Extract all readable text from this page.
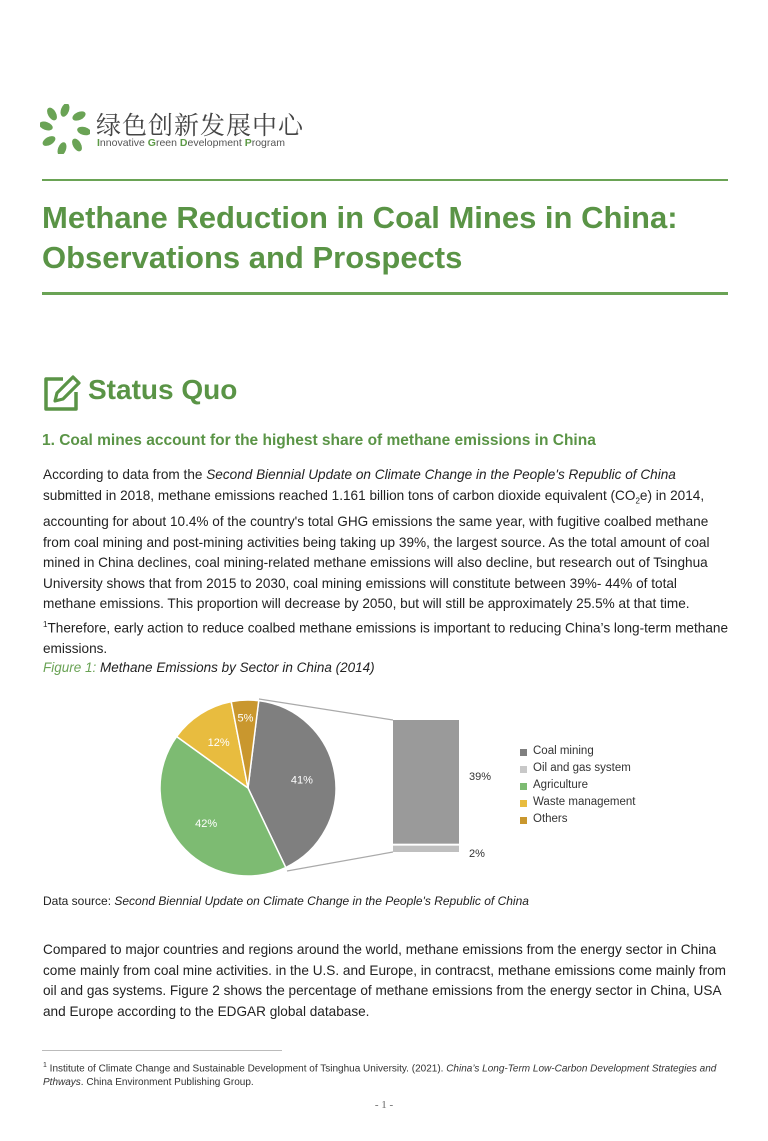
绿色创新发展中心
Innovative Green Development Program
Methane Reduction in Coal Mines in China: Observations and Prospects
Status Quo
1. Coal mines account for the highest share of methane emissions in China

According to data from the Second Biennial Update on Climate Change in the People's Republic of China submitted in 2018, methane emissions reached 1.161 billion tons of carbon dioxide equivalent $(CO_2e)$ in 2014, accounting for about 10.4% of the country's total GHG emissions the same year, with fugitive coalbed methane from coal mining and post-mining activities being taking up 39%, the largest source. As the total amount of coal mined in China declines, coal mining-related methane emissions will also decline, but research out of Tsinghua University shows that from 2015 to 2030, coal mining emissions will constitute between 39%- 44% of total methane emissions. This proportion will decrease by 2050, but will still be approximately 25.5% at that time. $^1$Therefore, early action to reduce coalbed methane emissions is important to reducing China’s long-term methane emissions.

Figure 1: Methane Emissions by Sector in China (2014)

41%
42%
12%
5%
39%
2%
Coal mining
Oil and gas system
Agriculture
Waste management
Others

Data source: Second Biennial Update on Climate Change in the People's Republic of China

Compared to major countries and regions around the world, methane emissions from the energy sector in China come mainly from coal mine activities. in the U.S. and Europe, in contracst, methane emissions come mainly from oil and gas systems. Figure 2 shows the percentage of methane emissions from the energy sector in China, USA and Europe according to the EDGAR global database.

$^1$ Institute of Climate Change and Sustainable Development of Tsinghua University. (2021). China’s Long-Term Low-Carbon Development Strategies and Pthways. China Environment Publishing Group.

- 1 -
